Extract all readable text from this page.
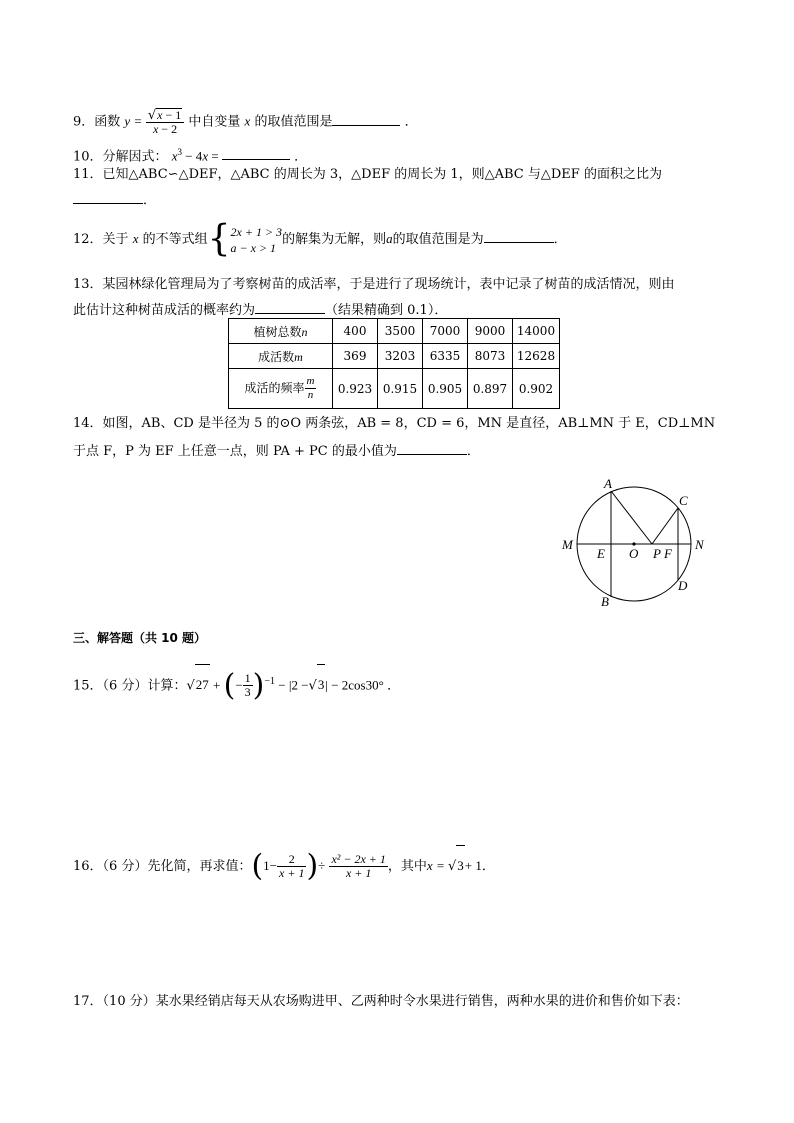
9．函数 $y = \frac{√x - 1}{x - 2}$ 中自变量 x 的取值范围是	．
10．分解因式： $x^3 - 4x$ =	．
11．已知△ABC∽△DEF，△ABC 的周长为 3，△DEF 的周长为 1，则△ABC 与△DEF 的面积之比为
．
12．关于 x 的不等式组{ 2x + 1 > 3
a − x > 1
的解集为无解，则a的取值范围是为	．
13．某园林绿化管理局为了考察树苗的成活率，于是进行了现场统计，表中记录了树苗的成活情况，则由
此估计这种树苗成活的概率约为	（结果精确到 0.1）．
植树总数n	400	3500	7000	9000	14000
成活数m	369	3203	6335	8073	12628
成活的频率 $\frac{m}{n}$	0.923	0.915	0.905	0.897	0.902
14．如图，AB、CD 是半径为 5 的⊙O 两条弦，AB = 8，CD = 6，MN 是直径，AB⊥MN 于 E，CD⊥MN
于点 F，P 为 EF 上任意一点，则 PA + PC 的最小值为	．
A
B
C
D
M	N
E O P F
三、解答题（共 10 题）
15．（6 分）计算：√27 + (− $\frac{1}{3} )^{-1} - |2 -√3| - 2\cos 30^\circ$ ．
16．（6 分）先化简，再求值：($1- \frac{2}{x + 1}$ )÷ $\frac{\text{x² − 2x + 1}}{x + 1}$ ，其中x = √3+ 1．
17．（10 分）某水果经销店每天从农场购进甲、乙两种时令水果进行销售，两种水果的进价和售价如下表：
